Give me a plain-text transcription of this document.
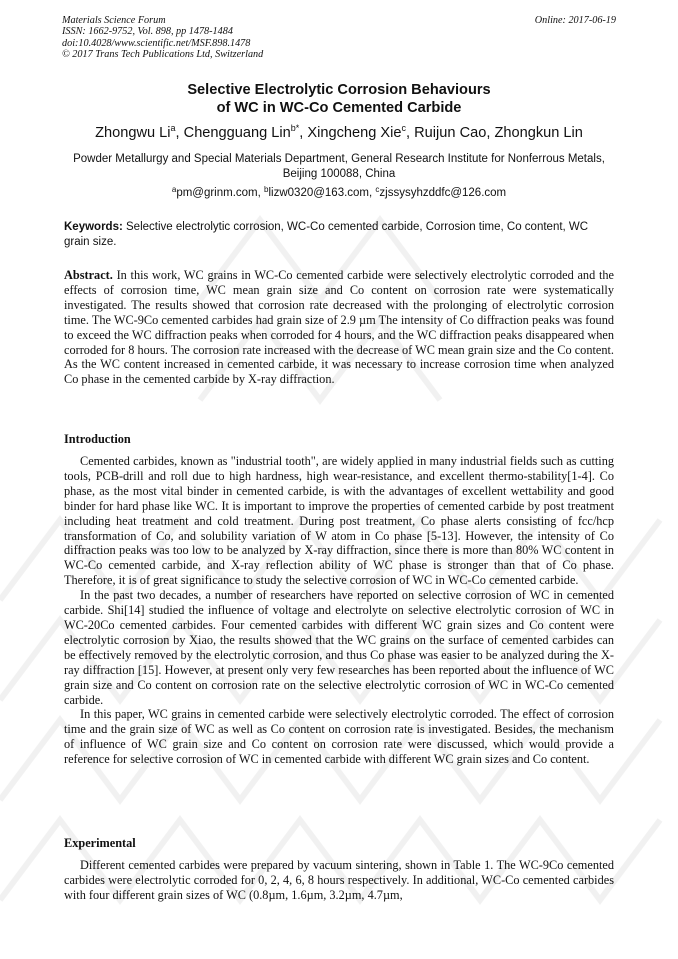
Materials Science Forum
ISSN: 1662-9752, Vol. 898, pp 1478-1484
doi:10.4028/www.scientific.net/MSF.898.1478
© 2017 Trans Tech Publications Ltd, Switzerland
Online: 2017-06-19
Selective Electrolytic Corrosion Behaviours
of WC in WC-Co Cemented Carbide
Zhongwu Li$^a$, Chengguang Lin$^{b*}$, Xingcheng Xie$^c$, Ruijun Cao, Zhongkun Lin
Powder Metallurgy and Special Materials Department, General Research Institute for Nonferrous Metals, Beijing 100088, China
$^a$pm@grinm.com, $^b$lizw0320@163.com, $^c$zjssysyhzddfc@126.com
Keywords: Selective electrolytic corrosion, WC-Co cemented carbide, Corrosion time, Co content, WC grain size.

Abstract. In this work, WC grains in WC-Co cemented carbide were selectively electrolytic corroded and the effects of corrosion time, WC mean grain size and Co content on corrosion rate were systematically investigated. The results showed that corrosion rate decreased with the prolonging of electrolytic corrosion time. The WC-9Co cemented carbides had grain size of 2.9 µm The intensity of Co diffraction peaks was found to exceed the WC diffraction peaks when corroded for 4 hours, and the WC diffraction peaks disappeared when corroded for 8 hours. The corrosion rate increased with the decrease of WC mean grain size and the Co content. As the WC content increased in cemented carbide, it was necessary to increase corrosion time when analyzed Co phase in the cemented carbide by X-ray diffraction.

Introduction

Cemented carbides, known as "industrial tooth", are widely applied in many industrial fields such as cutting tools, PCB-drill and roll due to high hardness, high wear-resistance, and excellent thermo-stability[1-4]. Co phase, as the most vital binder in cemented carbide, is with the advantages of excellent wettability and good binder for hard phase like WC. It is important to improve the properties of cemented carbide by post treatment including heat treatment and cold treatment. During post treatment, Co phase alerts consisting of fcc/hcp transformation of Co, and solubility variation of W atom in Co phase [5-13]. However, the intensity of Co diffraction peaks was too low to be analyzed by X-ray diffraction, since there is more than 80% WC content in WC-Co cemented carbide, and X-ray reflection ability of WC phase is stronger than that of Co phase. Therefore, it is of great significance to study the selective corrosion of WC in WC-Co cemented carbide.

In the past two decades, a number of researchers have reported on selective corrosion of WC in cemented carbide. Shi[14] studied the influence of voltage and electrolyte on selective electrolytic corrosion of WC in WC-20Co cemented carbides. Four cemented carbides with different WC grain sizes and Co content were electrolytic corrosion by Xiao, the results showed that the WC grains on the surface of cemented carbides can be effectively removed by the electrolytic corrosion, and thus Co phase was easier to be analyzed during the X-ray diffraction [15]. However, at present only very few researches has been reported about the influence of WC grain size and Co content on corrosion rate on the selective electrolytic corrosion of WC in WC-Co cemented carbide.

In this paper, WC grains in cemented carbide were selectively electrolytic corroded. The effect of corrosion time and the grain size of WC as well as Co content on corrosion rate is investigated. Besides, the mechanism of influence of WC grain size and Co content on corrosion rate were discussed, which would provide a reference for selective corrosion of WC in cemented carbide with different WC grain sizes and Co content.

Experimental

Different cemented carbides were prepared by vacuum sintering, shown in Table 1. The WC-9Co cemented carbides were electrolytic corroded for 0, 2, 4, 6, 8 hours respectively. In additional, WC-Co cemented carbides with four different grain sizes of WC (0.8µm, 1.6µm, 3.2µm, 4.7µm,
